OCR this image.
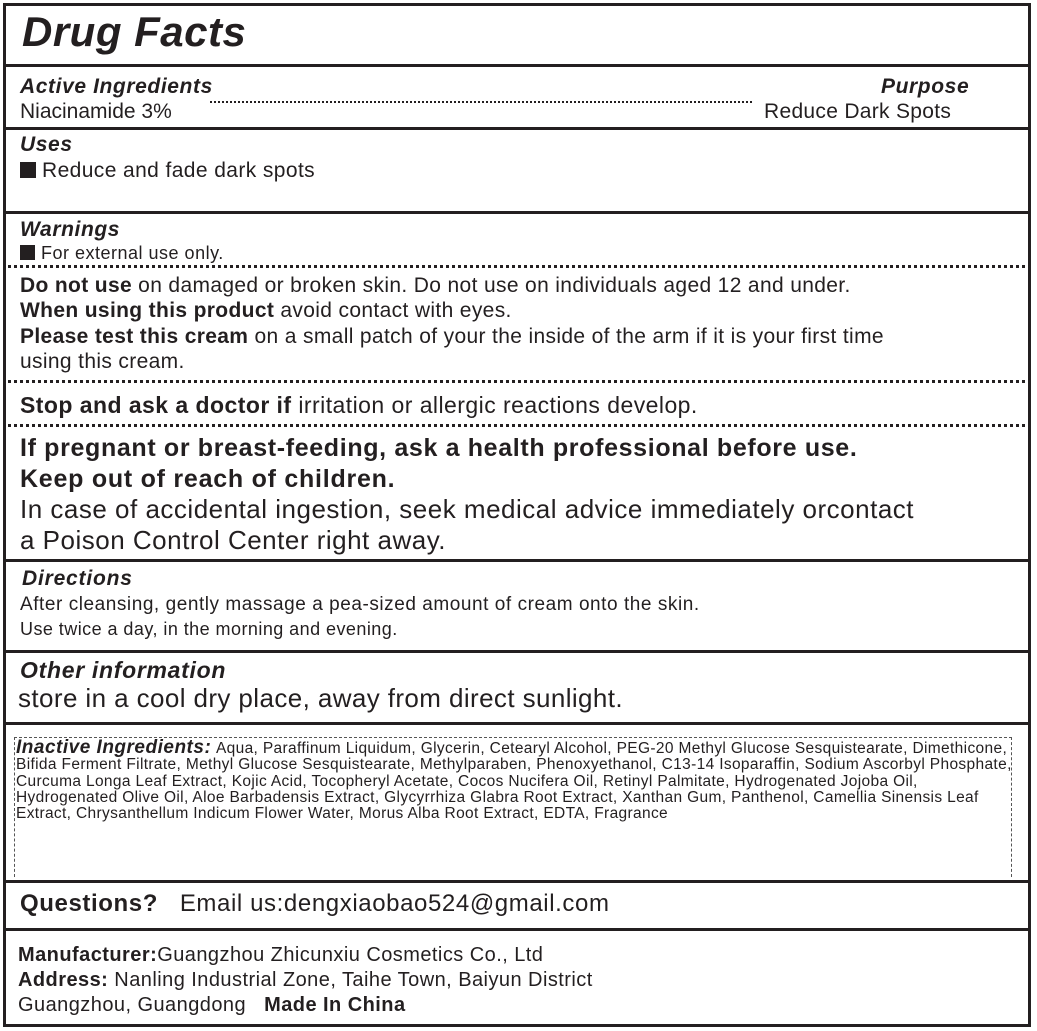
Drug Facts
Active Ingredients	Purpose
Niacinamide 3%	Reduce Dark Spots
Uses
Reduce and fade dark spots
Warnings
For external use only.
Do not use on damaged or broken skin. Do not use on individuals aged 12 and under.
When using this product avoid contact with eyes.
Please test this cream on a small patch of your the inside of the arm if it is your first time
using this cream.
Stop and ask a doctor if irritation or allergic reactions develop.
If pregnant or breast-feeding, ask a health professional before use.
Keep out of reach of children.
In case of accidental ingestion, seek medical advice immediately orcontact
a Poison Control Center right away.
Directions
After cleansing, gently massage a pea-sized amount of cream onto the skin.
Use twice a day, in the morning and evening.
Other information
store in a cool dry place, away from direct sunlight.
Inactive Ingredients: Aqua, Paraffinum Liquidum, Glycerin, Cetearyl Alcohol, PEG-20 Methyl Glucose Sesquistearate, Dimethicone, Bifida Ferment Filtrate, Methyl Glucose Sesquistearate, Methylparaben, Phenoxyethanol, C13-14 Isoparaffin, Sodium Ascorbyl Phosphate, Curcuma Longa Leaf Extract, Kojic Acid, Tocopheryl Acetate, Cocos Nucifera Oil, Retinyl Palmitate, Hydrogenated Jojoba Oil, Hydrogenated Olive Oil, Aloe Barbadensis Extract, Glycyrrhiza Glabra Root Extract, Xanthan Gum, Panthenol, Camellia Sinensis Leaf Extract, Chrysanthellum Indicum Flower Water, Morus Alba Root Extract, EDTA, Fragrance
Questions? Email us:dengxiaobao524@gmail.com
Manufacturer:Guangzhou Zhicunxiu Cosmetics Co., Ltd
Address: Nanling Industrial Zone, Taihe Town, Baiyun District
Guangzhou, Guangdong Made In China
